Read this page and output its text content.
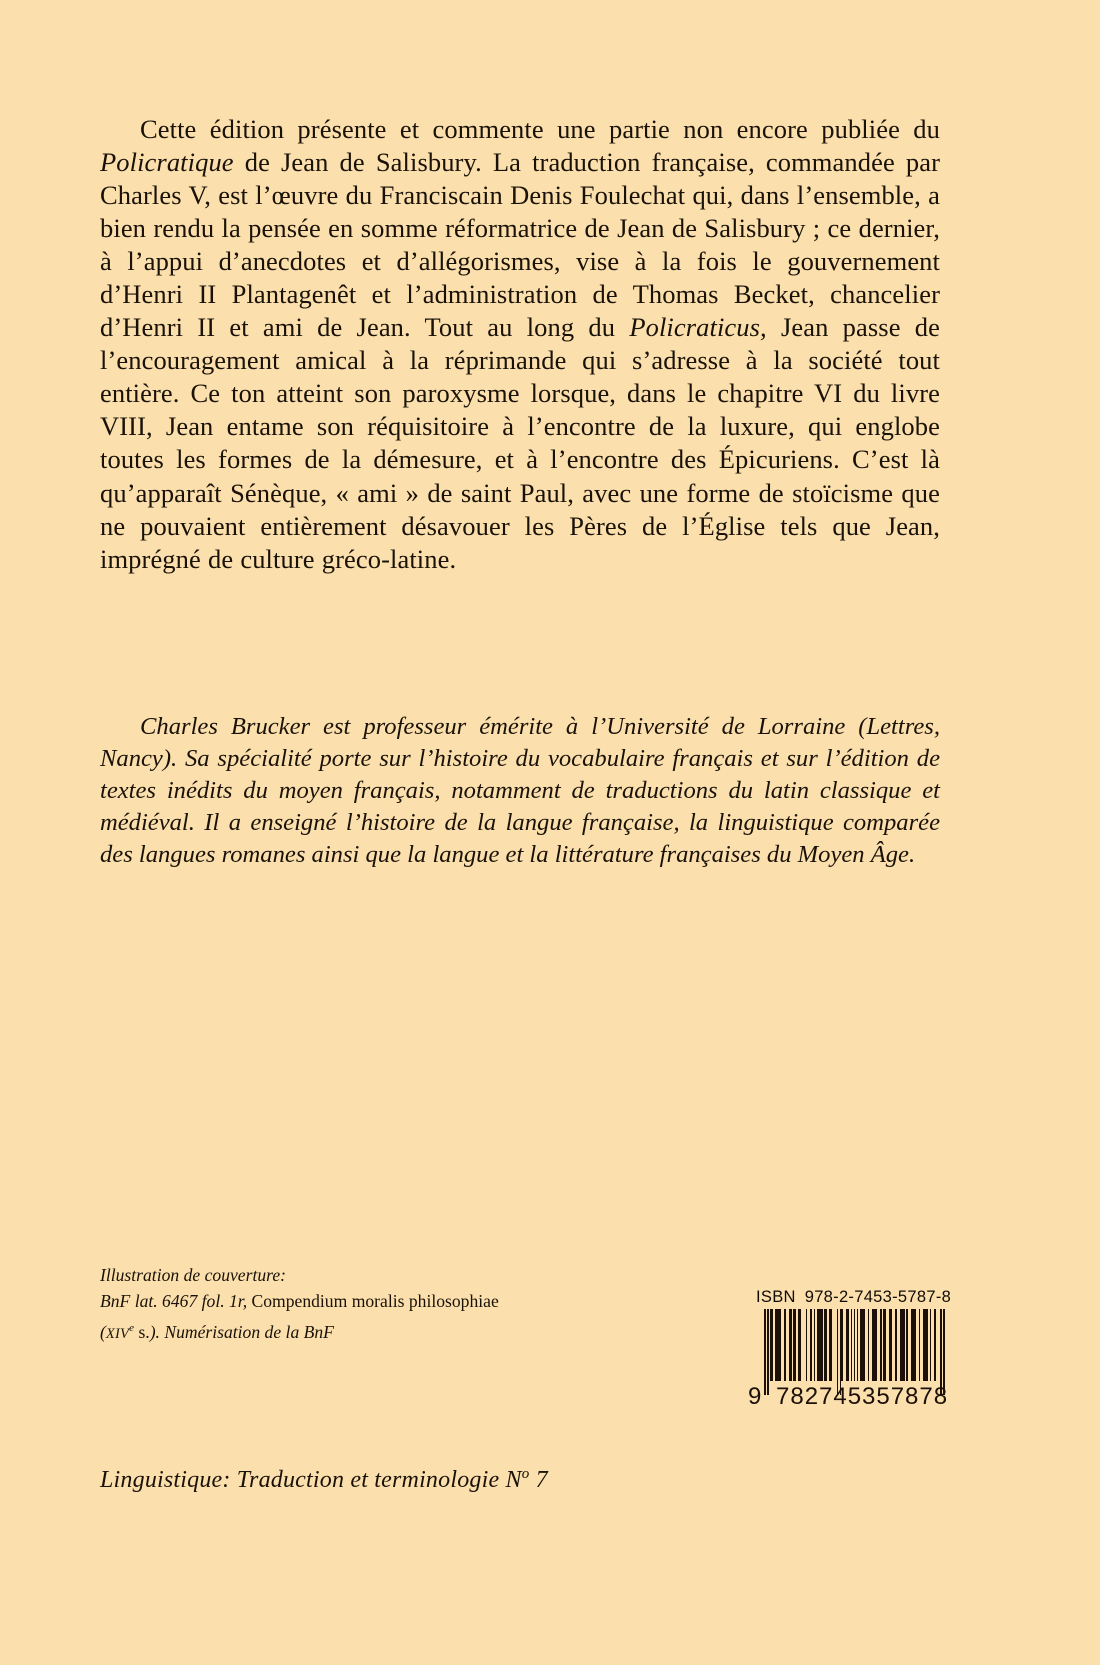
Cette édition présente et commente une partie non encore publiée du Policratique de Jean de Salisbury. La traduction française, commandée par Charles V, est l’œuvre du Franciscain Denis Foulechat qui, dans l’ensemble, a bien rendu la pensée en somme réformatrice de Jean de Salisbury ; ce dernier, à l’appui d’anecdotes et d’allégorismes, vise à la fois le gouvernement d’Henri II Plantagenêt et l’administration de Thomas Becket, chancelier d’Henri II et ami de Jean. Tout au long du Policraticus, Jean passe de l’encouragement amical à la réprimande qui s’adresse à la société tout entière. Ce ton atteint son paroxysme lorsque, dans le chapitre VI du livre VIII, Jean entame son réquisitoire à l’encontre de la luxure, qui englobe toutes les formes de la démesure, et à l’encontre des Épicuriens. C’est là qu’apparaît Sénèque, « ami » de saint Paul, avec une forme de stoïcisme que ne pouvaient entièrement désavouer les Pères de l’Église tels que Jean, imprégné de culture gréco-latine.

Charles Brucker est professeur émérite à l’Université de Lorraine (Lettres, Nancy). Sa spécialité porte sur l’histoire du vocabulaire français et sur l’édition de textes inédits du moyen français, notamment de traductions du latin classique et médiéval. Il a enseigné l’histoire de la langue française, la linguistique comparée des langues romanes ainsi que la langue et la littérature françaises du Moyen Âge.

Illustration de couverture:
BnF lat. 6467 fol. 1r, Compendium moralis philosophiae
(XIVe s.). Numérisation de la BnF
Linguistique: Traduction et terminologie $N^o$ 7
ISBN 978-2-7453-5787-8
9 782745 357878
